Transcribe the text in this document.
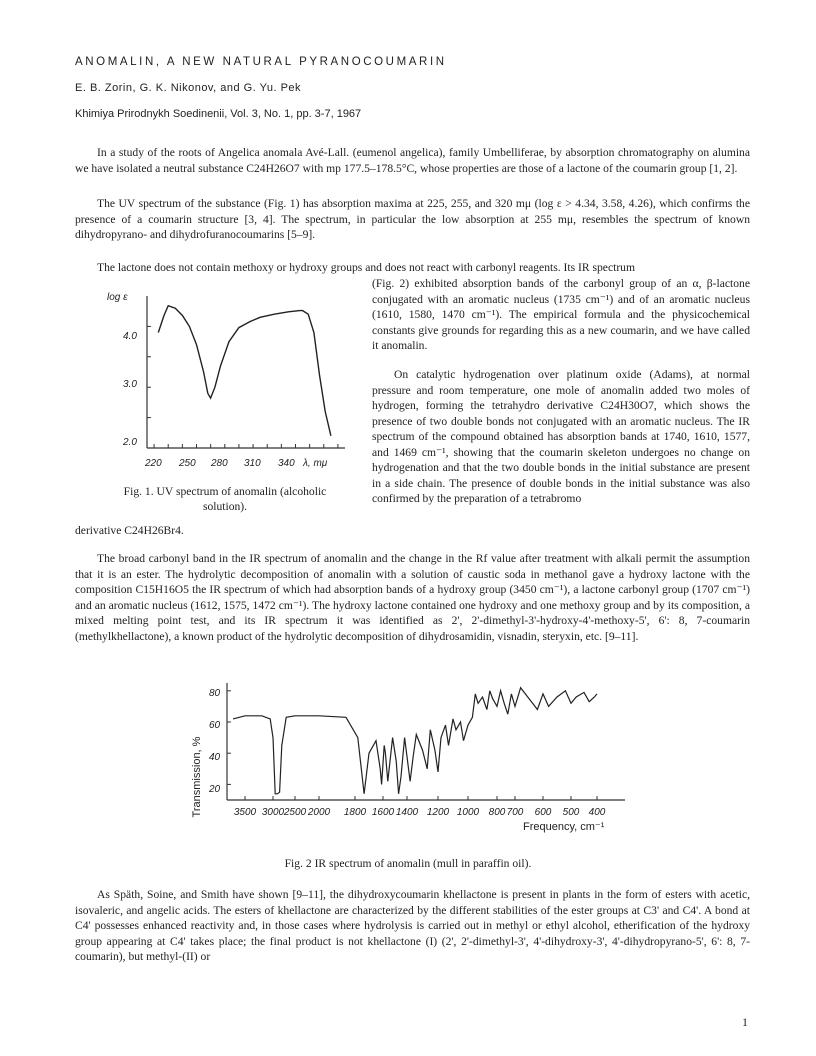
ANOMALIN, A NEW NATURAL PYRANOCOUMARIN
E. B. Zorin, G. K. Nikonov, and G. Yu. Pek
Khimiya Prirodnykh Soedinenii, Vol. 3, No. 1, pp. 3-7, 1967
In a study of the roots of Angelica anomala Avé-Lall. (eumenol angelica), family Umbelliferae, by absorption chromatography on alumina we have isolated a neutral substance C24H26O7 with mp 177.5–178.5°C, whose properties are those of a lactone of the coumarin group [1, 2].
The UV spectrum of the substance (Fig. 1) has absorption maxima at 225, 255, and 320 mμ (log ε > 4.34, 3.58, 4.26), which confirms the presence of a coumarin structure [3, 4]. The spectrum, in particular the low absorption at 255 mμ, resembles the spectrum of known dihydropyrano- and dihydrofuranocoumarins [5–9].
The lactone does not contain methoxy or hydroxy groups and does not react with carbonyl reagents. Its IR spectrum
(Fig. 2) exhibited absorption bands of the carbonyl group of an α, β-lactone conjugated with an aromatic nucleus (1735 cm⁻¹) and of an aromatic nucleus (1610, 1580, 1470 cm⁻¹). The empirical formula and the physicochemical constants give grounds for regarding this as a new coumarin, and we have called it anomalin.
On catalytic hydrogenation over platinum oxide (Adams), at normal pressure and room temperature, one mole of anomalin added two moles of hydrogen, forming the tetrahydro derivative C24H30O7, which shows the presence of two double bonds not conjugated with an aromatic nucleus. The IR spectrum of the compound obtained has absorption bands at 1740, 1610, 1577, and 1469 cm⁻¹, showing that the coumarin skeleton undergoes no change on hydrogenation and that the two double bonds in the initial substance are present in a side chain. The presence of double bonds in the initial substance was also confirmed by the preparation of a tetrabromo
derivative C24H26Br4.
log ε
4.0
3.0
2.0
220 250 280 310 340 λ, mμ
Fig. 1. UV spectrum of anomalin (alcoholic solution).
The broad carbonyl band in the IR spectrum of anomalin and the change in the Rf value after treatment with alkali permit the assumption that it is an ester. The hydrolytic decomposition of anomalin with a solution of caustic soda in methanol gave a hydroxy lactone with the composition C15H16O5 the IR spectrum of which had absorption bands of a hydroxy group (3450 cm⁻¹), a lactone carbonyl group (1707 cm⁻¹) and an aromatic nucleus (1612, 1575, 1472 cm⁻¹). The hydroxy lactone contained one hydroxy and one methoxy group and by its composition, a mixed melting point test, and its IR spectrum it was identified as 2', 2'-dimethyl-3'-hydroxy-4'-methoxy-5', 6': 8, 7-coumarin (methylkhellactone), a known product of the hydrolytic decomposition of dihydrosamidin, visnadin, steryxin, etc. [9–11].
Transmission, %
80
60
40
20
3500 3000 2500 2000 1800 1600 1400 1200 1000 800 700 600 500 400
Frequency, cm⁻¹
Fig. 2 IR spectrum of anomalin (mull in paraffin oil).
As Späth, Soine, and Smith have shown [9–11], the dihydroxycoumarin khellactone is present in plants in the form of esters with acetic, isovaleric, and angelic acids. The esters of khellactone are characterized by the different stabilities of the ester groups at C3' and C4'. A bond at C4' possesses enhanced reactivity and, in those cases where hydrolysis is carried out in methyl or ethyl alcohol, etherification of the hydroxy group appearing at C4' takes place; the final product is not khellactone (I) (2', 2'-dimethyl-3', 4'-dihydroxy-3', 4'-dihydropyrano-5', 6': 8, 7-coumarin), but methyl-(II) or
1
